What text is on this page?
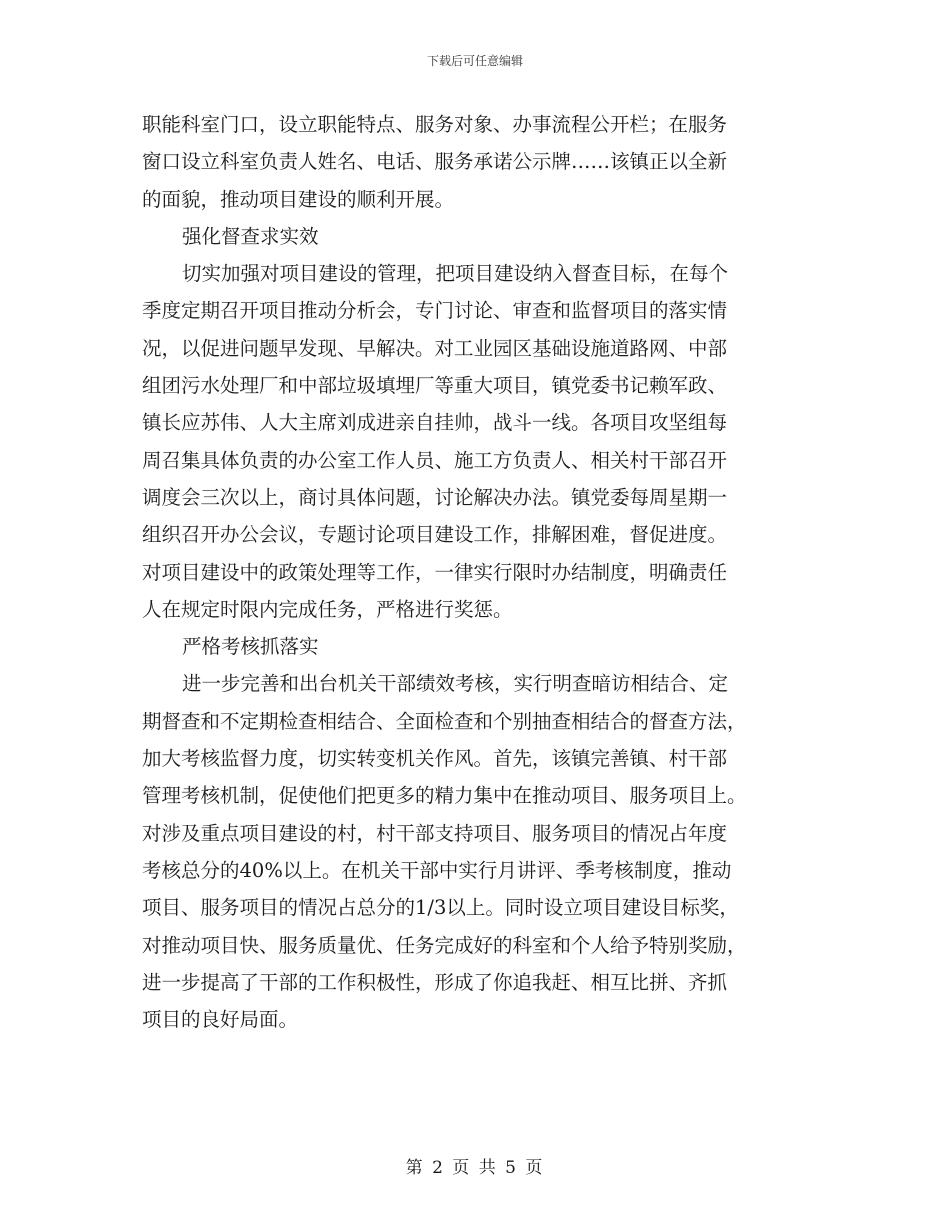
下载后可任意编辑
职能科室门口，设立职能特点、服务对象、办事流程公开栏；在服务
窗口设立科室负责人姓名、电话、服务承诺公示牌……该镇正以全新
的面貌，推动项目建设的顺利开展。
强化督查求实效
切实加强对项目建设的管理，把项目建设纳入督查目标，在每个
季度定期召开项目推动分析会，专门讨论、审查和监督项目的落实情
况，以促进问题早发现、早解决。对工业园区基础设施道路网、中部
组团污水处理厂和中部垃圾填埋厂等重大项目，镇党委书记赖军政、
镇长应苏伟、人大主席刘成进亲自挂帅，战斗一线。各项目攻坚组每
周召集具体负责的办公室工作人员、施工方负责人、相关村干部召开
调度会三次以上，商讨具体问题，讨论解决办法。镇党委每周星期一
组织召开办公会议，专题讨论项目建设工作，排解困难，督促进度。
对项目建设中的政策处理等工作，一律实行限时办结制度，明确责任
人在规定时限内完成任务，严格进行奖惩。
严格考核抓落实
进一步完善和出台机关干部绩效考核，实行明查暗访相结合、定
期督查和不定期检查相结合、全面检查和个别抽查相结合的督查方法，
加大考核监督力度，切实转变机关作风。首先，该镇完善镇、村干部
管理考核机制，促使他们把更多的精力集中在推动项目、服务项目上。
对涉及重点项目建设的村，村干部支持项目、服务项目的情况占年度
考核总分的40%以上。在机关干部中实行月讲评、季考核制度，推动
项目、服务项目的情况占总分的1/3以上。同时设立项目建设目标奖，
对推动项目快、服务质量优、任务完成好的科室和个人给予特别奖励，
进一步提高了干部的工作积极性，形成了你追我赶、相互比拼、齐抓
项目的良好局面。
第 2 页 共 5 页
